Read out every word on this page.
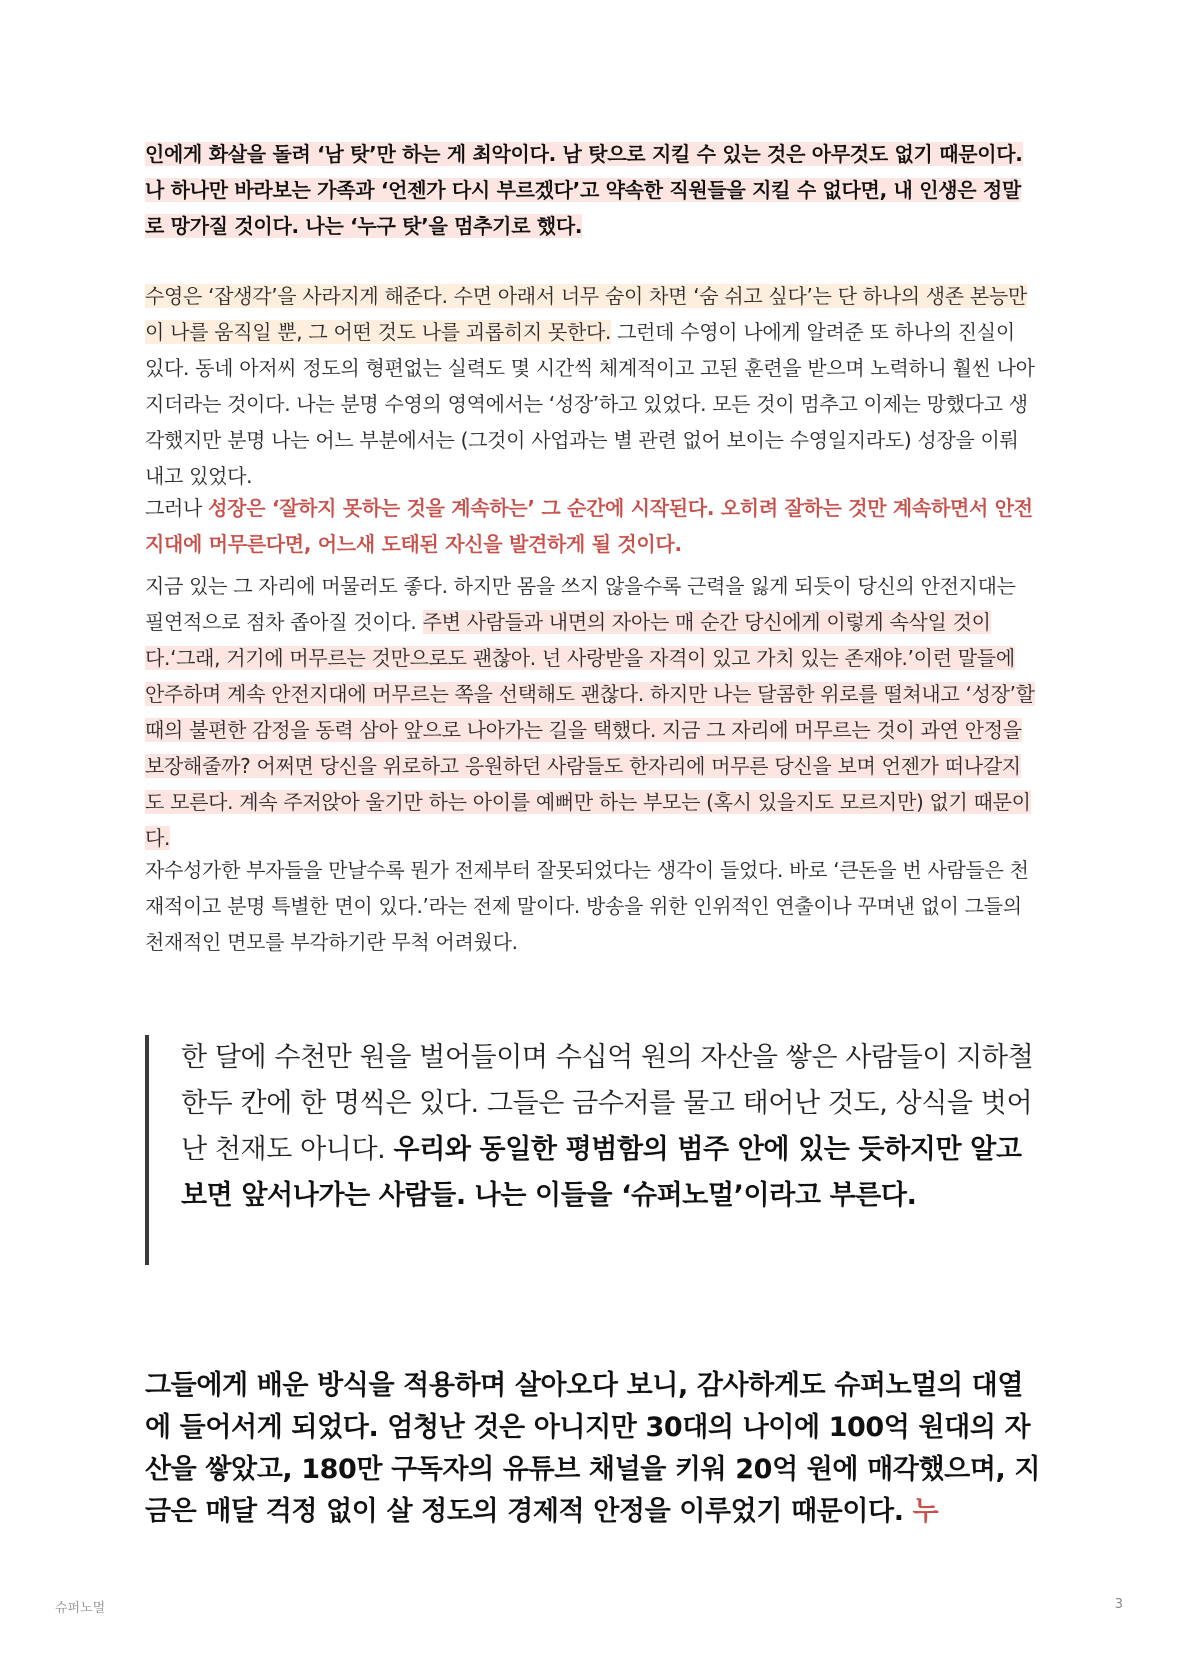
인에게 화살을 돌려 ‘남 탓’만 하는 게 최악이다. 남 탓으로 지킬 수 있는 것은 아무것도 없기 때문이다. 나 하나만 바라보는 가족과 ‘언젠가 다시 부르겠다’고 약속한 직원들을 지킬 수 없다면, 내 인생은 정말로 망가질 것이다. 나는 ‘누구 탓’을 멈추기로 했다.

수영은 ‘잡생각’을 사라지게 해준다. 수면 아래서 너무 숨이 차면 ‘숨 쉬고 싶다’는 단 하나의 생존 본능만이 나를 움직일 뿐, 그 어떤 것도 나를 괴롭히지 못한다. 그런데 수영이 나에게 알려준 또 하나의 진실이 있다. 동네 아저씨 정도의 형편없는 실력도 몇 시간씩 체계적이고 고된 훈련을 받으며 노력하니 훨씬 나아지더라는 것이다. 나는 분명 수영의 영역에서는 ‘성장’하고 있었다. 모든 것이 멈추고 이제는 망했다고 생각했지만 분명 나는 어느 부분에서는 (그것이 사업과는 별 관련 없어 보이는 수영일지라도) 성장을 이뤄내고 있었다.

그러나 성장은 ‘잘하지 못하는 것을 계속하는’ 그 순간에 시작된다. 오히려 잘하는 것만 계속하면서 안전지대에 머무른다면, 어느새 도태된 자신을 발견하게 될 것이다.

지금 있는 그 자리에 머물러도 좋다. 하지만 몸을 쓰지 않을수록 근력을 잃게 되듯이 당신의 안전지대는 필연적으로 점차 좁아질 것이다. 주변 사람들과 내면의 자아는 매 순간 당신에게 이렇게 속삭일 것이다.‘그래, 거기에 머무르는 것만으로도 괜찮아. 넌 사랑받을 자격이 있고 가치 있는 존재야.’이런 말들에 안주하며 계속 안전지대에 머무르는 쪽을 선택해도 괜찮다. 하지만 나는 달콤한 위로를 떨쳐내고 ‘성장’할 때의 불편한 감정을 동력 삼아 앞으로 나아가는 길을 택했다. 지금 그 자리에 머무르는 것이 과연 안정을 보장해줄까? 어쩌면 당신을 위로하고 응원하던 사람들도 한자리에 머무른 당신을 보며 언젠가 떠나갈지도 모른다. 계속 주저앉아 울기만 하는 아이를 예뻐만 하는 부모는 (혹시 있을지도 모르지만) 없기 때문이다.

자수성가한 부자들을 만날수록 뭔가 전제부터 잘못되었다는 생각이 들었다. 바로 ‘큰돈을 번 사람들은 천재적이고 분명 특별한 면이 있다.’라는 전제 말이다. 방송을 위한 인위적인 연출이나 꾸며낸 없이 그들의 천재적인 면모를 부각하기란 무척 어려웠다.

한 달에 수천만 원을 벌어들이며 수십억 원의 자산을 쌓은 사람들이 지하철 한두 칸에 한 명씩은 있다. 그들은 금수저를 물고 태어난 것도, 상식을 벗어난 천재도 아니다. 우리와 동일한 평범함의 범주 안에 있는 듯하지만 알고 보면 앞서나가는 사람들. 나는 이들을 ‘슈퍼노멀’이라고 부른다.

그들에게 배운 방식을 적용하며 살아오다 보니, 감사하게도 슈퍼노멀의 대열에 들어서게 되었다. 엄청난 것은 아니지만 30대의 나이에 100억 원대의 자산을 쌓았고, 180만 구독자의 유튜브 채널을 키워 20억 원에 매각했으며, 지금은 매달 걱정 없이 살 정도의 경제적 안정을 이루었기 때문이다. 누

슈퍼노멀	3
